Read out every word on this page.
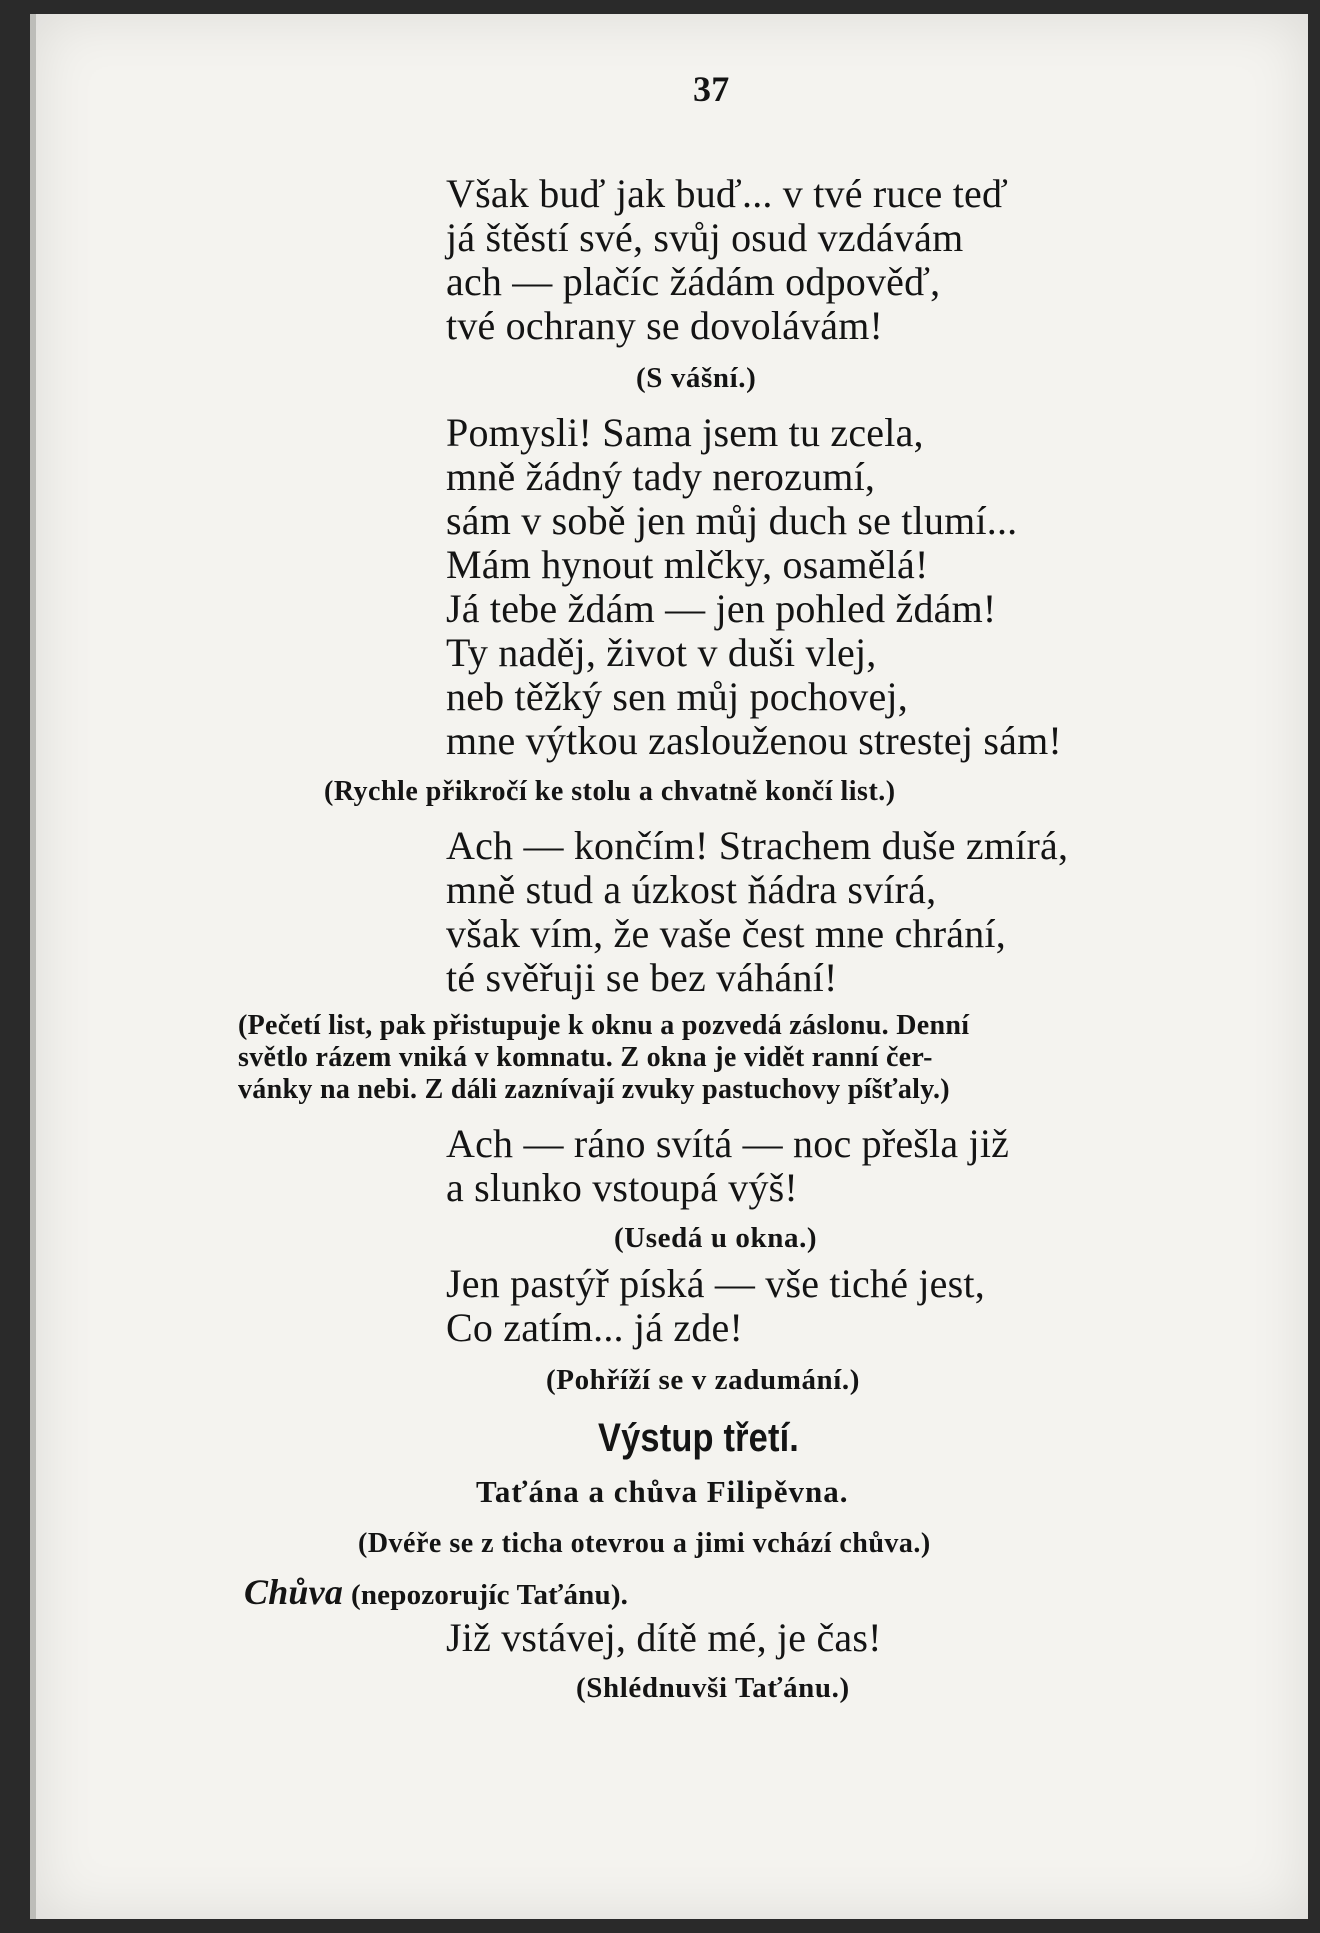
37
Však buď jak buď... v tvé ruce teď
já štěstí své, svůj osud vzdávám
ach — plačíc žádám odpověď,
tvé ochrany se dovolávám!
(S vášní.)
Pomysli! Sama jsem tu zcela,
mně žádný tady nerozumí,
sám v sobě jen můj duch se tlumí...
Mám hynout mlčky, osamělá!
Já tebe ždám — jen pohled ždám!
Ty naděj, život v duši vlej,
neb těžký sen můj pochovej,
mne výtkou zaslouženou strestej sám!
(Rychle přikročí ke stolu a chvatně končí list.)
Ach — končím! Strachem duše zmírá,
mně stud a úzkost ňádra svírá,
však vím, že vaše čest mne chrání,
té svěřuji se bez váhání!
(Pečetí list, pak přistupuje k oknu a pozvedá záslonu. Denní
světlo rázem vniká v komnatu. Z okna je vidět ranní čer-
vánky na nebi. Z dáli zaznívají zvuky pastuchovy píšťaly.)
Ach — ráno svítá — noc přešla již
a slunko vstoupá výš!
(Usedá u okna.)
Jen pastýř píská — vše tiché jest,
Co zatím... já zde!
(Pohříží se v zadumání.)
Výstup třetí.
Taťána a chůva Filipěvna.
(Dvéře se z ticha otevrou a jimi vchází chůva.)
Chůva (nepozorujíc Taťánu).
Již vstávej, dítě mé, je čas!
(Shlédnuvši Taťánu.)
